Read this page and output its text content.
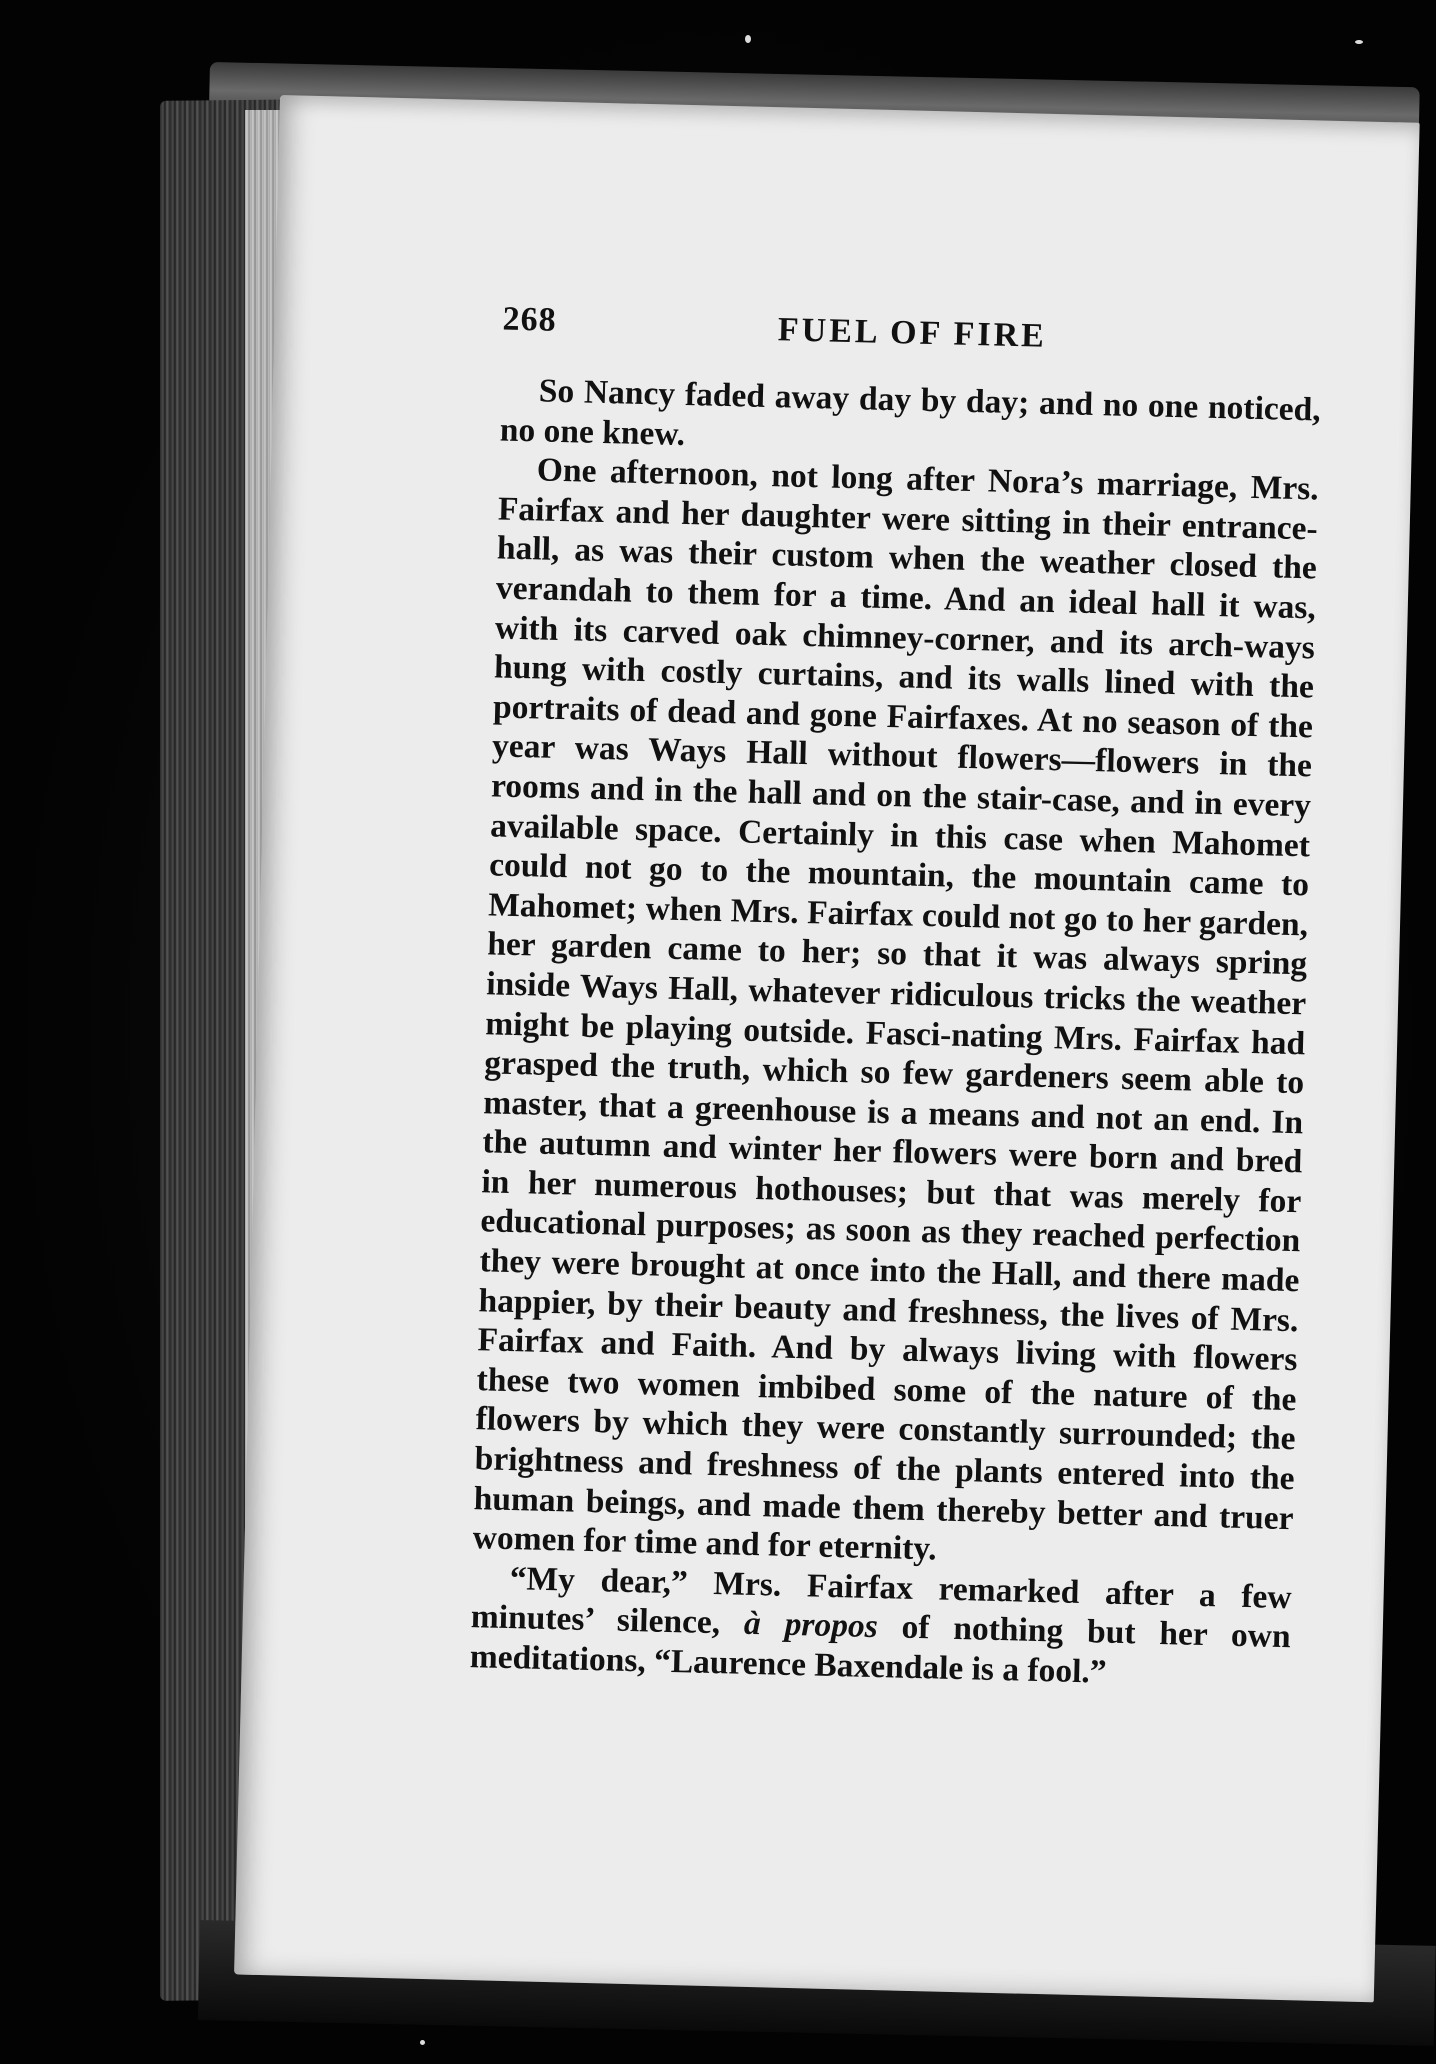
268	FUEL OF FIRE

So Nancy faded away day by day; and no one noticed, no one knew.

One afternoon, not long after Nora’s marriage, Mrs. Fairfax and her daughter were sitting in their entrance-hall, as was their custom when the weather closed the verandah to them for a time. And an ideal hall it was, with its carved oak chimney-corner, and its arch-ways hung with costly curtains, and its walls lined with the portraits of dead and gone Fairfaxes. At no season of the year was Ways Hall without flowers—flowers in the rooms and in the hall and on the stair-case, and in every available space. Certainly in this case when Mahomet could not go to the mountain, the mountain came to Mahomet; when Mrs. Fairfax could not go to her garden, her garden came to her; so that it was always spring inside Ways Hall, whatever ridiculous tricks the weather might be playing outside. Fasci-nating Mrs. Fairfax had grasped the truth, which so few gardeners seem able to master, that a greenhouse is a means and not an end. In the autumn and winter her flowers were born and bred in her numerous hothouses; but that was merely for educational purposes; as soon as they reached perfection they were brought at once into the Hall, and there made happier, by their beauty and freshness, the lives of Mrs. Fairfax and Faith. And by always living with flowers these two women imbibed some of the nature of the flowers by which they were constantly surrounded; the brightness and freshness of the plants entered into the human beings, and made them thereby better and truer women for time and for eternity.

“My dear,” Mrs. Fairfax remarked after a few minutes’ silence, à propos of nothing but her own meditations, “Laurence Baxendale is a fool.”
